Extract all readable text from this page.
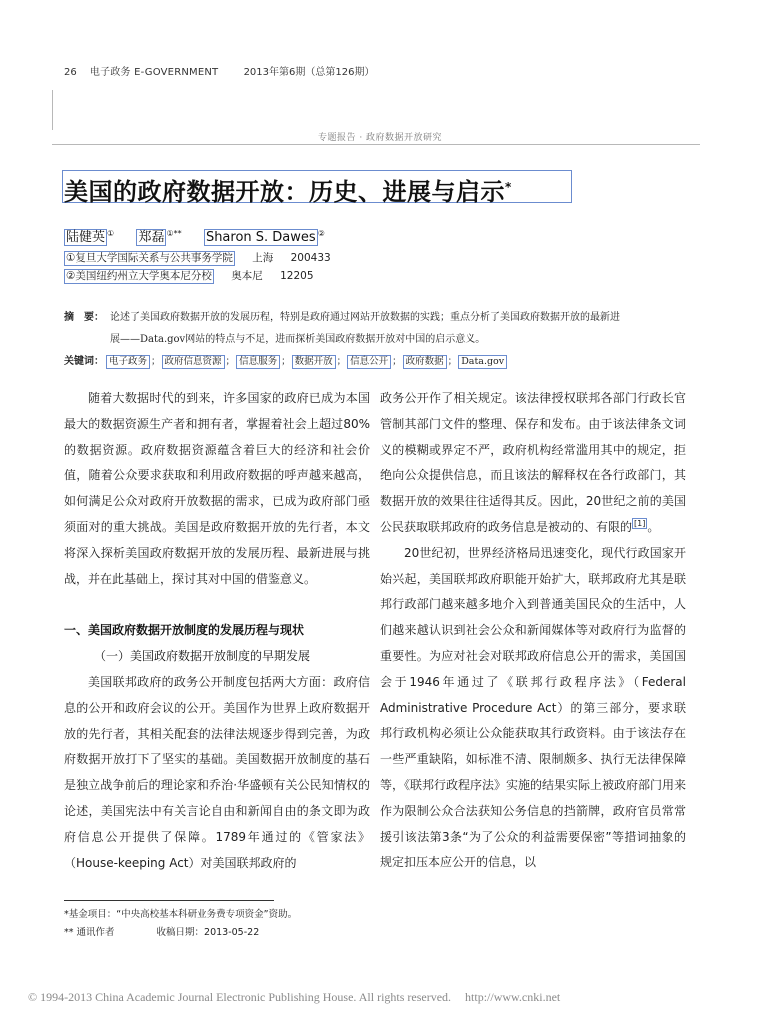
26 电子政务 E-GOVERNMENT	2013年第6期（总第126期）
专题报告 · 政府数据开放研究
美国的政府数据开放：历史、进展与启示*
陆健英 ① 郑磊 ①** Sharon S. Dawes ②
①复旦大学国际关系与公共事务学院 上海 200433
②美国纽约州立大学奥本尼分校 奥本尼 12205
摘　要： 论述了美国政府数据开放的发展历程，特别是政府通过网站开放数据的实践；重点分析了美国政府数据开放的最新进
展——Data.gov网站的特点与不足，进而探析美国政府数据开放对中国的启示意义。
关键词： 电子政务 ； 政府信息资源 ； 信息服务 ； 数据开放 ； 信息公开 ； 政府数据 ； Data.gov

随着大数据时代的到来，许多国家的政府已成为本国最大的数据资源生产者和拥有者，掌握着社会上超过80%的数据资源。政府数据资源蕴含着巨大的经济和社会价值，随着公众要求获取和利用政府数据的呼声越来越高，如何满足公众对政府开放数据的需求，已成为政府部门亟须面对的重大挑战。美国是政府数据开放的先行者，本文将深入探析美国政府数据开放的发展历程、最新进展与挑战，并在此基础上，探讨其对中国的借鉴意义。

一、美国政府数据开放制度的发展历程与现状
（一）美国政府数据开放制度的早期发展

美国联邦政府的政务公开制度包括两大方面：政府信息的公开和政府会议的公开。美国作为世界上政府数据开放的先行者，其相关配套的法律法规逐步得到完善，为政府数据开放打下了坚实的基础。美国数据开放制度的基石是独立战争前后的理论家和乔治·华盛顿有关公民知情权的论述，美国宪法中有关言论自由和新闻自由的条文即为政府信息公开提供了保障。1789年通过的《管家法》（House-keeping Act）对美国联邦政府的

政务公开作了相关规定。该法律授权联邦各部门行政长官管制其部门文件的整理、保存和发布。由于该法律条文词义的模糊或界定不严，政府机构经常滥用其中的规定，拒绝向公众提供信息，而且该法的解释权在各行政部门，其数据开放的效果往往适得其反。因此，20世纪之前的美国公民获取联邦政府的政务信息是被动的、有限的 [1] 。

20世纪初，世界经济格局迅速变化，现代行政国家开始兴起，美国联邦政府职能开始扩大，联邦政府尤其是联邦行政部门越来越多地介入到普通美国民众的生活中，人们越来越认识到社会公众和新闻媒体等对政府行为监督的重要性。为应对社会对联邦政府信息公开的需求，美国国会于1946年通过了《联邦行政程序法》（Federal Administrative Procedure Act）的第三部分，要求联邦行政机构必须让公众能获取其行政资料。由于该法存在一些严重缺陷，如标准不清、限制颇多、执行无法律保障等，《联邦行政程序法》实施的结果实际上被政府部门用来作为限制公众合法获知公务信息的挡箭牌，政府官员常常援引该法第3条“为了公众的利益需要保密”等措词抽象的规定扣压本应公开的信息，以

*基金项目：“中央高校基本科研业务费专项资金”资助。
** 通讯作者	收稿日期：2013-05-22
© 1994-2013 China Academic Journal Electronic Publishing House. All rights reserved. http://www.cnki.net
